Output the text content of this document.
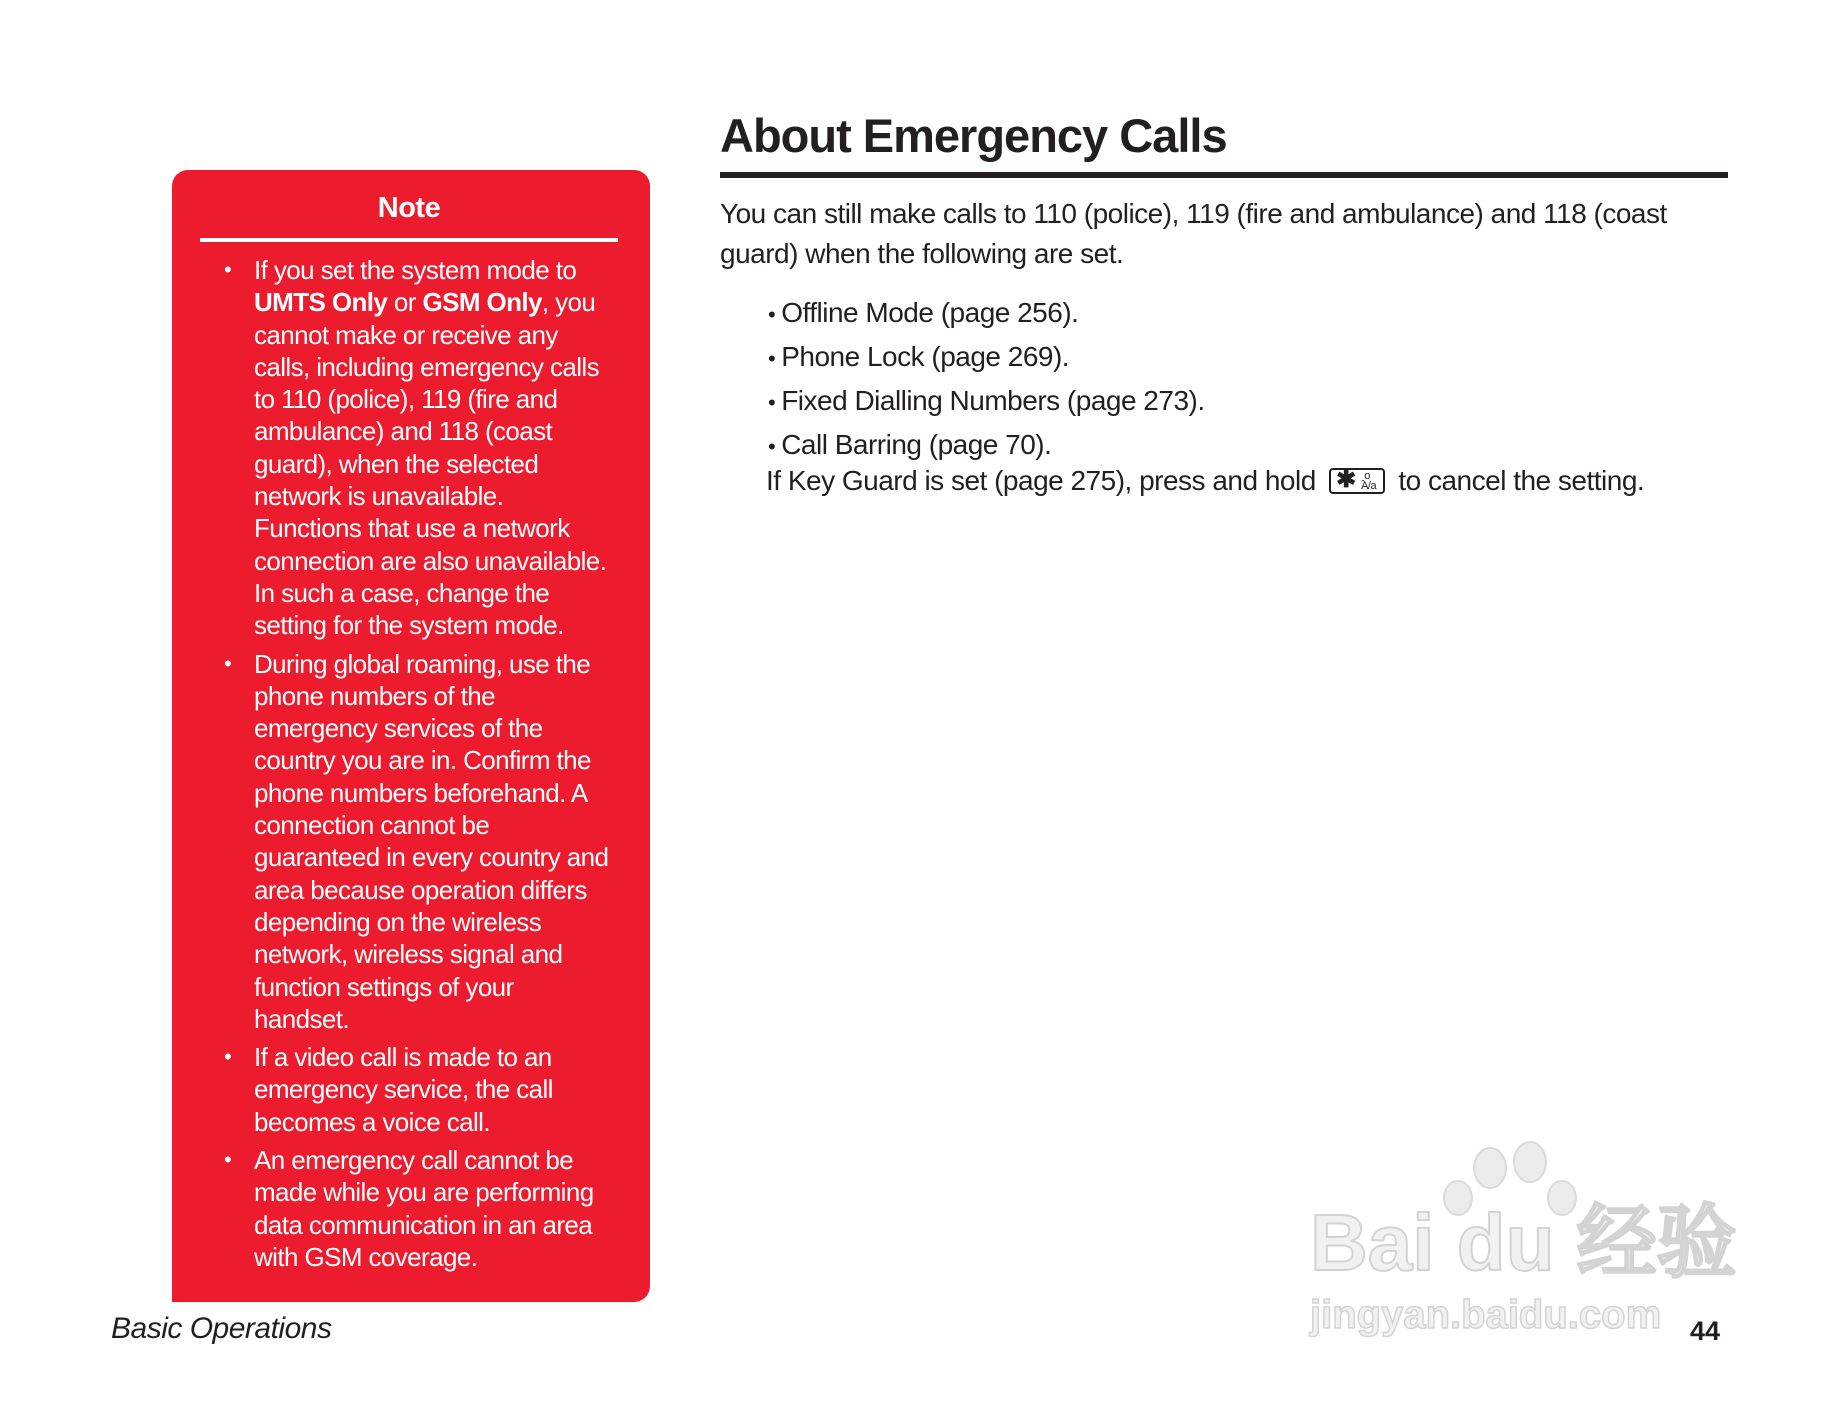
Note
• If you set the system mode to UMTS Only or GSM Only, you cannot make or receive any calls, including emergency calls to 110 (police), 119 (fire and ambulance) and 118 (coast guard), when the selected network is unavailable. Functions that use a network connection are also unavailable. In such a case, change the setting for the system mode.
• During global roaming, use the phone numbers of the emergency services of the country you are in. Confirm the phone numbers beforehand. A connection cannot be guaranteed in every country and area because operation differs depending on the wireless network, wireless signal and function settings of your handset.
• If a video call is made to an emergency service, the call becomes a voice call.
• An emergency call cannot be made while you are performing data communication in an area with GSM coverage.
About Emergency Calls
You can still make calls to 110 (police), 119 (fire and ambulance) and 118 (coast guard) when the following are set.
• Offline Mode (page 256).
• Phone Lock (page 269).
• Fixed Dialling Numbers (page 273).
• Call Barring (page 70).
If Key Guard is set (page 275), press and hold ✱ ꞈo
A/a to cancel the setting.
Bai du 经验
jingyan.baidu.com
Basic Operations	44
